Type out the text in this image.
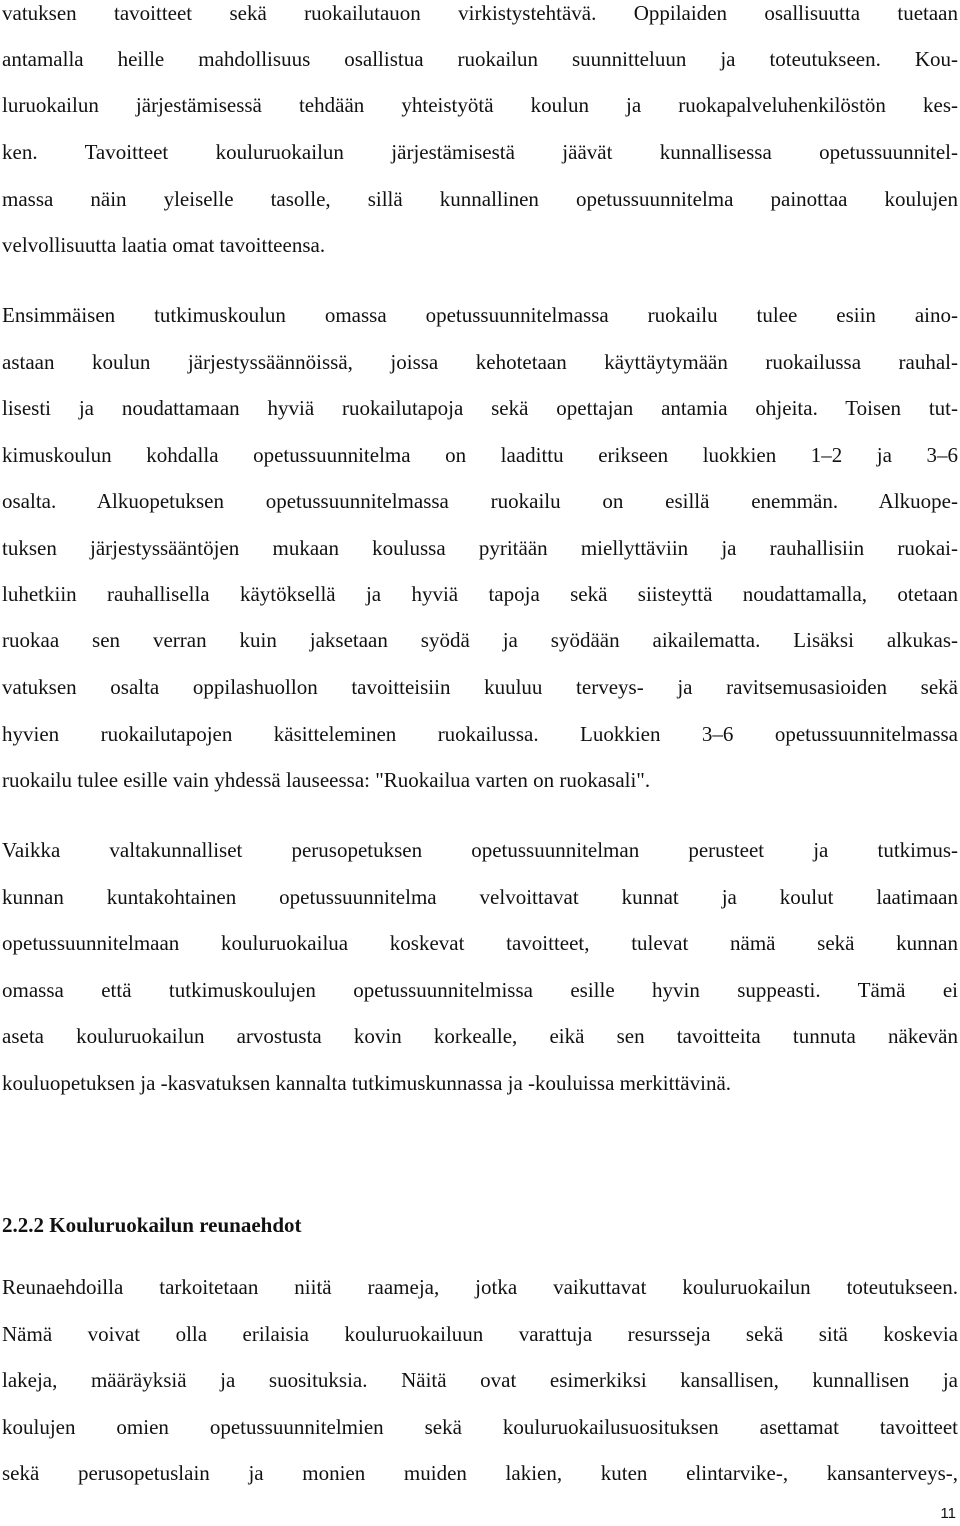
vatuksen tavoitteet sekä ruokailutauon virkistystehtävä. Oppilaiden osallisuutta tuetaan
antamalla heille mahdollisuus osallistua ruokailun suunnitteluun ja toteutukseen. Kou-
luruokailun järjestämisessä tehdään yhteistyötä koulun ja ruokapalveluhenkilöstön kes-
ken. Tavoitteet kouluruokailun järjestämisestä jäävät kunnallisessa opetussuunnitel-
massa näin yleiselle tasolle, sillä kunnallinen opetussuunnitelma painottaa koulujen
velvollisuutta laatia omat tavoitteensa.
Ensimmäisen tutkimuskoulun omassa opetussuunnitelmassa ruokailu tulee esiin aino-
astaan koulun järjestyssäännöissä, joissa kehotetaan käyttäytymään ruokailussa rauhal-
lisesti ja noudattamaan hyviä ruokailutapoja sekä opettajan antamia ohjeita. Toisen tut-
kimuskoulun kohdalla opetussuunnitelma on laadittu erikseen luokkien 1–2 ja 3–6
osalta. Alkuopetuksen opetussuunnitelmassa ruokailu on esillä enemmän. Alkuope-
tuksen järjestyssääntöjen mukaan koulussa pyritään miellyttäviin ja rauhallisiin ruokai-
luhetkiin rauhallisella käytöksellä ja hyviä tapoja sekä siisteyttä noudattamalla, otetaan
ruokaa sen verran kuin jaksetaan syödä ja syödään aikailematta. Lisäksi alkukas-
vatuksen osalta oppilashuollon tavoitteisiin kuuluu terveys- ja ravitsemusasioiden sekä
hyvien ruokailutapojen käsitteleminen ruokailussa. Luokkien 3–6 opetussuunnitelmassa
ruokailu tulee esille vain yhdessä lauseessa: "Ruokailua varten on ruokasali".
Vaikka valtakunnalliset perusopetuksen opetussuunnitelman perusteet ja tutkimus-
kunnan kuntakohtainen opetussuunnitelma velvoittavat kunnat ja koulut laatimaan
opetussuunnitelmaan kouluruokailua koskevat tavoitteet, tulevat nämä sekä kunnan
omassa että tutkimuskoulujen opetussuunnitelmissa esille hyvin suppeasti. Tämä ei
aseta kouluruokailun arvostusta kovin korkealle, eikä sen tavoitteita tunnuta näkevän
kouluopetuksen ja -kasvatuksen kannalta tutkimuskunnassa ja -kouluissa merkittävinä.
2.2.2 Kouluruokailun reunaehdot
Reunaehdoilla tarkoitetaan niitä raameja, jotka vaikuttavat kouluruokailun toteutukseen.
Nämä voivat olla erilaisia kouluruokailuun varattuja resursseja sekä sitä koskevia
lakeja, määräyksiä ja suosituksia. Näitä ovat esimerkiksi kansallisen, kunnallisen ja
koulujen omien opetussuunnitelmien sekä kouluruokailusuosituksen asettamat tavoitteet
sekä perusopetuslain ja monien muiden lakien, kuten elintarvike-, kansanterveys-,
11
